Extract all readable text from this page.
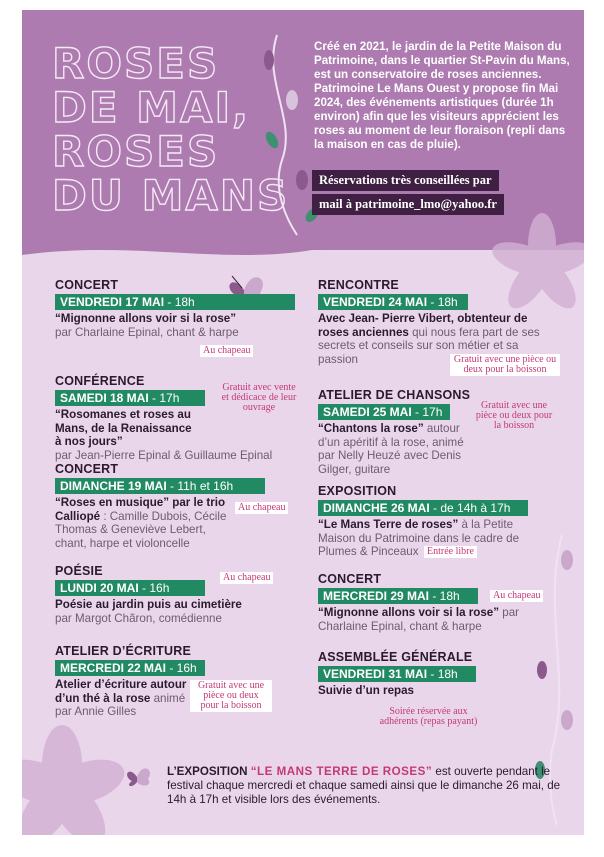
ROSES
DE MAI,
ROSES
DU MANS
Créé en 2021, le jardin de la Petite Maison du Patrimoine, dans le quartier St-Pavin du Mans, est un conservatoire de roses anciennes. Patrimoine Le Mans Ouest y propose fin Mai 2024, des événements artistiques (durée 1h environ) afin que les visiteurs apprécient les roses au moment de leur floraison (repli dans la maison en cas de pluie).
Réservations très conseillées par
mail à patrimoine_lmo@yahoo.fr
CONCERT
VENDREDI 17 MAI - 18h
“Mignonne allons voir si la rose”
par Charlaine Epinal, chant & harpe
Au chapeau
CONFÉRENCE
SAMEDI 18 MAI - 17h
“Rosomanes et roses au Mans, de la Renaissance à nos jours”
par Jean-Pierre Epinal & Guillaume Epinal
Gratuit avec vente et dédicace de leur ouvrage
CONCERT
DIMANCHE 19 MAI - 11h et 16h
“Roses en musique” par le trio Calliopé : Camille Dubois, Cécile Thomas & Geneviève Lebert, chant, harpe et violoncelle
Au chapeau
POÉSIE
LUNDI 20 MAI - 16h
Poésie au jardin puis au cimetière
par Margot Chãron, comédienne
Au chapeau
ATELIER D’ÉCRITURE
MERCREDI 22 MAI - 16h
Atelier d’écriture autour d’un thé à la rose animé par Annie Gilles
Gratuit avec une pièce ou deux pour la boisson
RENCONTRE
VENDREDI 24 MAI - 18h
Avec Jean- Pierre Vibert, obtenteur de roses anciennes qui nous fera part de ses secrets et conseils sur son métier et sa passion	Gratuit avec une pièce ou deux pour la boisson
ATELIER DE CHANSONS
SAMEDI 25 MAI - 17h
“Chantons la rose” autour d’un apéritif à la rose, animé par Nelly Heuzé avec Denis Gilger, guitare
Gratuit avec une pièce ou deux pour la boisson
EXPOSITION
DIMANCHE 26 MAI - de 14h à 17h
“Le Mans Terre de roses” à la Petite Maison du Patrimoine dans le cadre de Plumes & Pinceaux Entrée libre
CONCERT
MERCREDI 29 MAI - 18h
“Mignonne allons voir si la rose” par Charlaine Epinal, chant & harpe
Au chapeau
ASSEMBLÉE GÉNÉRALE
VENDREDI 31 MAI - 18h
Suivie d’un repas
Soirée réservée aux adhérents (repas payant)
L’EXPOSITION “LE MANS TERRE DE ROSES” est ouverte pendant le festival chaque mercredi et chaque samedi ainsi que le dimanche 26 mai, de 14h à 17h et visible lors des événements.
